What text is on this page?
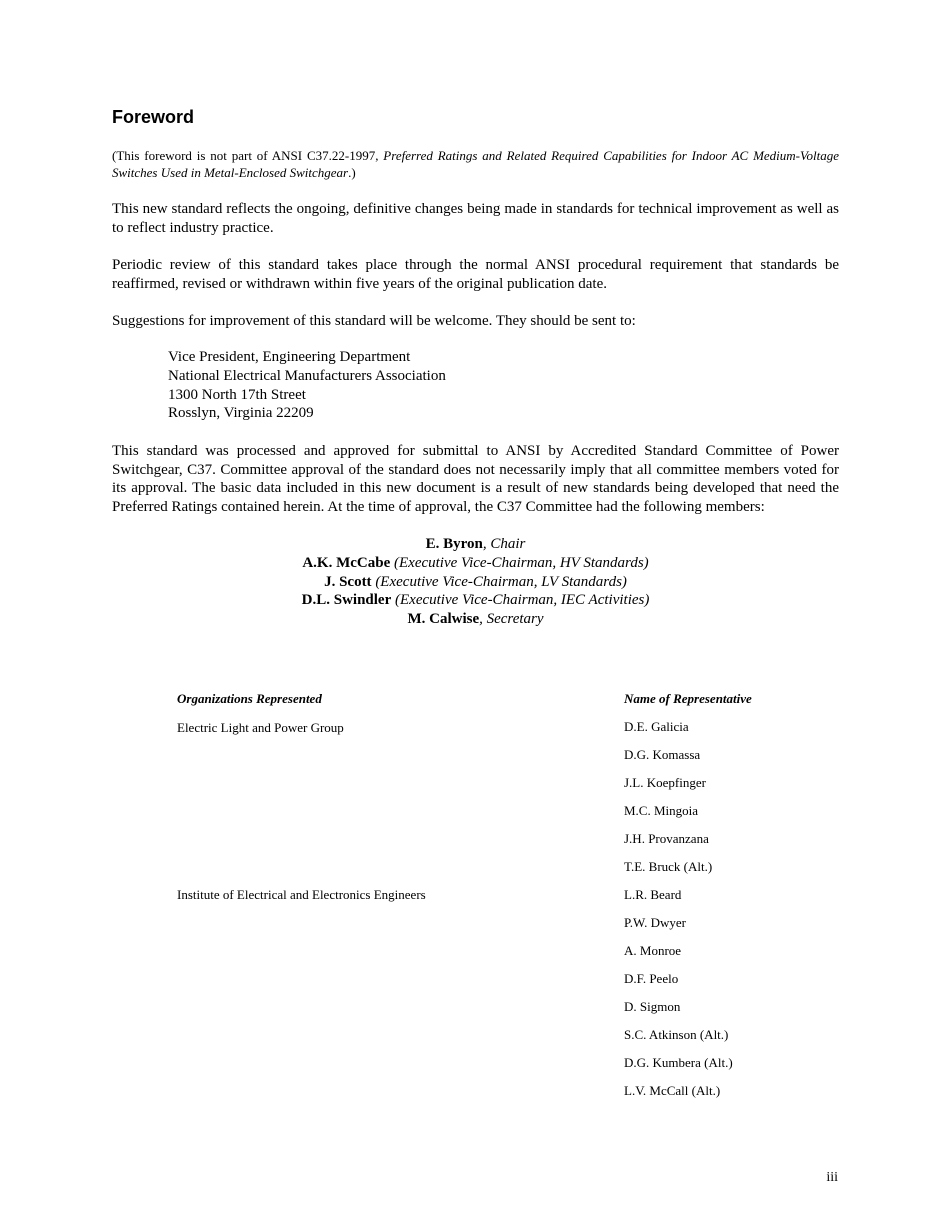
Foreword

(This foreword is not part of ANSI C37.22-1997, Preferred Ratings and Related Required Capabilities for Indoor AC Medium-Voltage Switches Used in Metal-Enclosed Switchgear.)

This new standard reflects the ongoing, definitive changes being made in standards for technical improvement as well as to reflect industry practice.

Periodic review of this standard takes place through the normal ANSI procedural requirement that standards be reaffirmed, revised or withdrawn within five years of the original publication date.

Suggestions for improvement of this standard will be welcome. They should be sent to:

Vice President, Engineering Department
National Electrical Manufacturers Association
1300 North 17th Street
Rosslyn, Virginia 22209

This standard was processed and approved for submittal to ANSI by Accredited Standard Committee of Power Switchgear, C37. Committee approval of the standard does not necessarily imply that all committee members voted for its approval. The basic data included in this new document is a result of new standards being developed that need the Preferred Ratings contained herein. At the time of approval, the C37 Committee had the following members:

E. Byron, Chair
A.K. McCabe (Executive Vice-Chairman, HV Standards)
J. Scott (Executive Vice-Chairman, LV Standards)
D.L. Swindler (Executive Vice-Chairman, IEC Activities)
M. Calwise, Secretary
Organizations Represented	Name of Representative
Electric Light and Power Group
Institute of Electrical and Electronics Engineers
D.E. Galicia
D.G. Komassa
J.L. Koepfinger
M.C. Mingoia
J.H. Provanzana
T.E. Bruck (Alt.)
L.R. Beard
P.W. Dwyer
A. Monroe
D.F. Peelo
D. Sigmon
S.C. Atkinson (Alt.)
D.G. Kumbera (Alt.)
L.V. McCall (Alt.)
iii
